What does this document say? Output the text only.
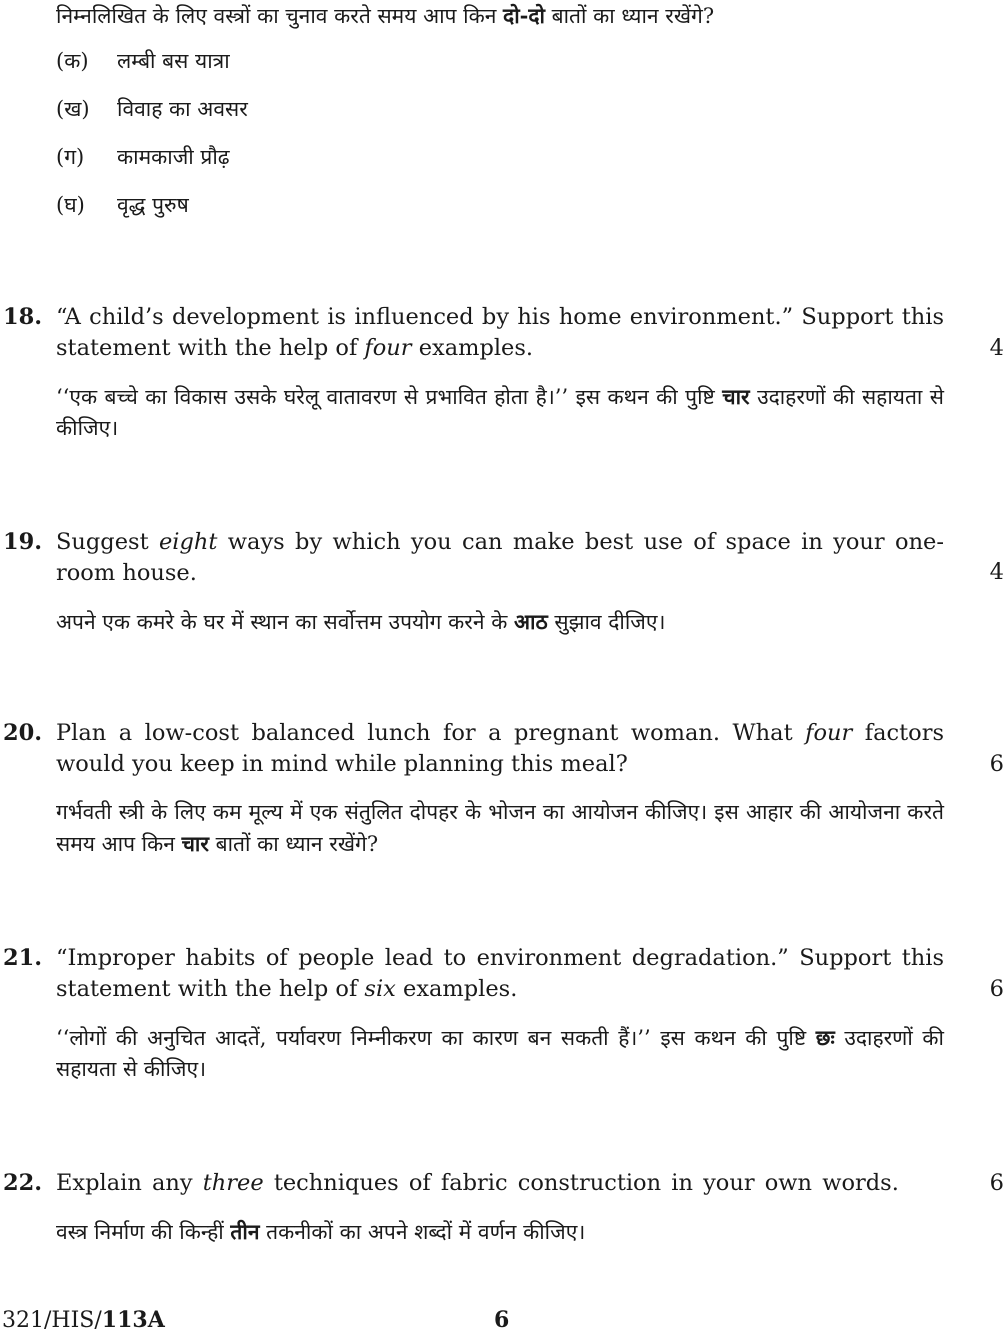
निम्नलिखित के लिए वस्त्रों का चुनाव करते समय आप किन दो-दो बातों का ध्यान रखेंगे?
(क) लम्बी बस यात्रा
(ख) विवाह का अवसर
(ग) कामकाजी प्रौढ़
(घ) वृद्ध पुरुष
18. “A child’s development is influenced by his home environment.” Support this statement with the help of four examples.	4
‘‘एक बच्चे का विकास उसके घरेलू वातावरण से प्रभावित होता है।’’ इस कथन की पुष्टि चार उदाहरणों की सहायता से कीजिए।
19. Suggest eight ways by which you can make best use of space in your one-room house.	4
अपने एक कमरे के घर में स्थान का सर्वोत्तम उपयोग करने के आठ सुझाव दीजिए।
20. Plan a low-cost balanced lunch for a pregnant woman. What four factors would you keep in mind while planning this meal?	6
गर्भवती स्त्री के लिए कम मूल्य में एक संतुलित दोपहर के भोजन का आयोजन कीजिए। इस आहार की आयोजना करते समय आप किन चार बातों का ध्यान रखेंगे?
21. “Improper habits of people lead to environment degradation.” Support this statement with the help of six examples.	6
‘‘लोगों की अनुचित आदतें, पर्यावरण निम्नीकरण का कारण बन सकती हैं।’’ इस कथन की पुष्टि छः उदाहरणों की सहायता से कीजिए।
22. Explain any three techniques of fabric construction in your own words.	6
वस्त्र निर्माण की किन्हीं तीन तकनीकों का अपने शब्दों में वर्णन कीजिए।
321/HIS/113A	6
